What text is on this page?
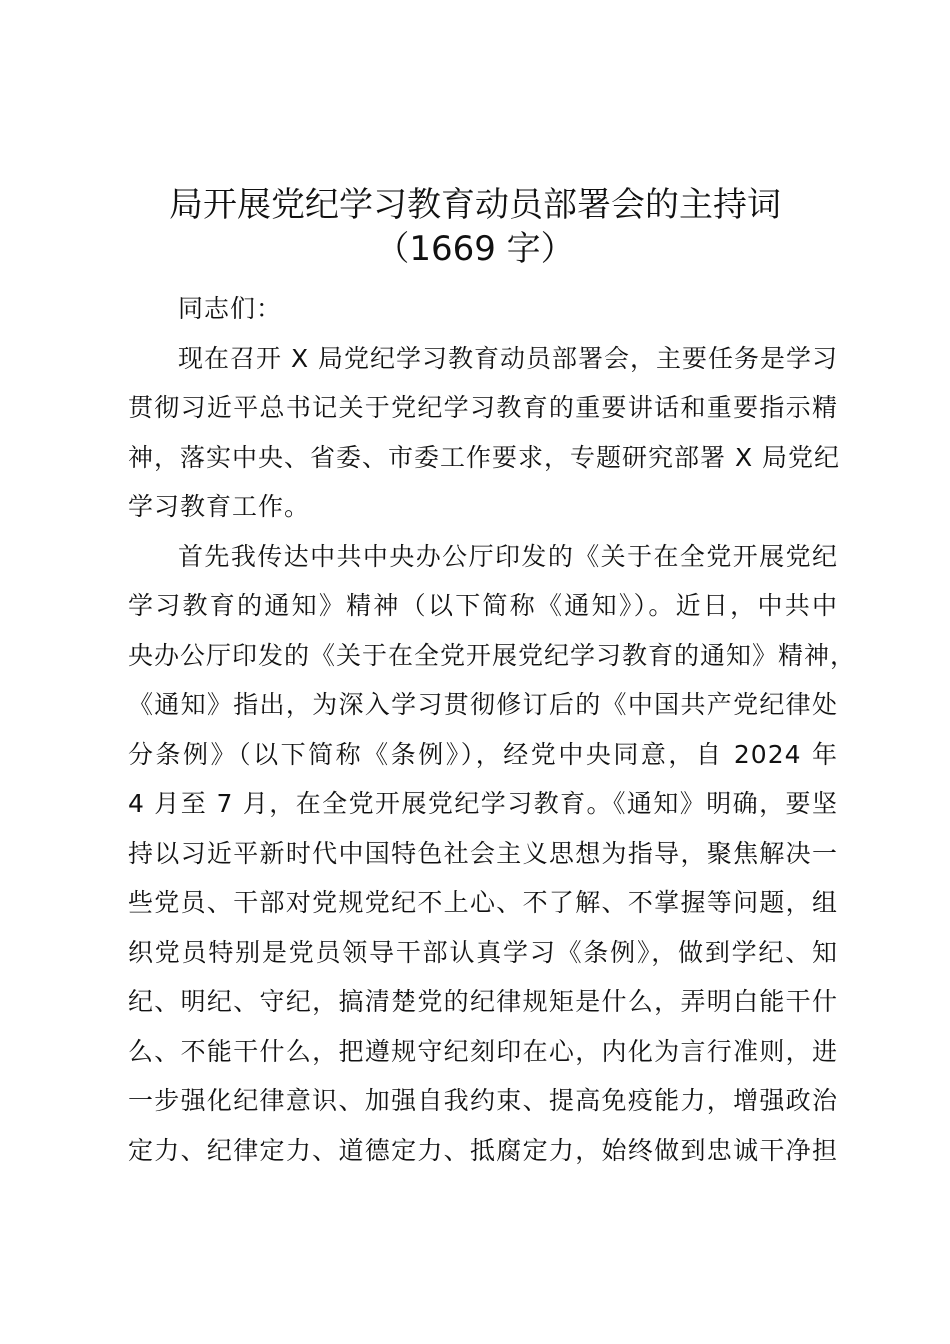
局开展党纪学习教育动员部署会的主持词
（1669 字）
同志们：
现在召开 X 局党纪学习教育动员部署会，主要任务是学习
贯彻习近平总书记关于党纪学习教育的重要讲话和重要指示精
神，落实中央、省委、市委工作要求，专题研究部署 X 局党纪
学习教育工作。
首先我传达中共中央办公厅印发的《关于在全党开展党纪
学习教育的通知》精神（以下简称《通知》）。近日，中共中
央办公厅印发的《关于在全党开展党纪学习教育的通知》精神，
《通知》指出，为深入学习贯彻修订后的《中国共产党纪律处
分条例》（以下简称《条例》），经党中央同意，自 2024 年
4 月至 7 月，在全党开展党纪学习教育。《通知》明确，要坚
持以习近平新时代中国特色社会主义思想为指导，聚焦解决一
些党员、干部对党规党纪不上心、不了解、不掌握等问题，组
织党员特别是党员领导干部认真学习《条例》，做到学纪、知
纪、明纪、守纪，搞清楚党的纪律规矩是什么，弄明白能干什
么、不能干什么，把遵规守纪刻印在心，内化为言行准则，进
一步强化纪律意识、加强自我约束、提高免疫能力，增强政治
定力、纪律定力、道德定力、抵腐定力，始终做到忠诚干净担
